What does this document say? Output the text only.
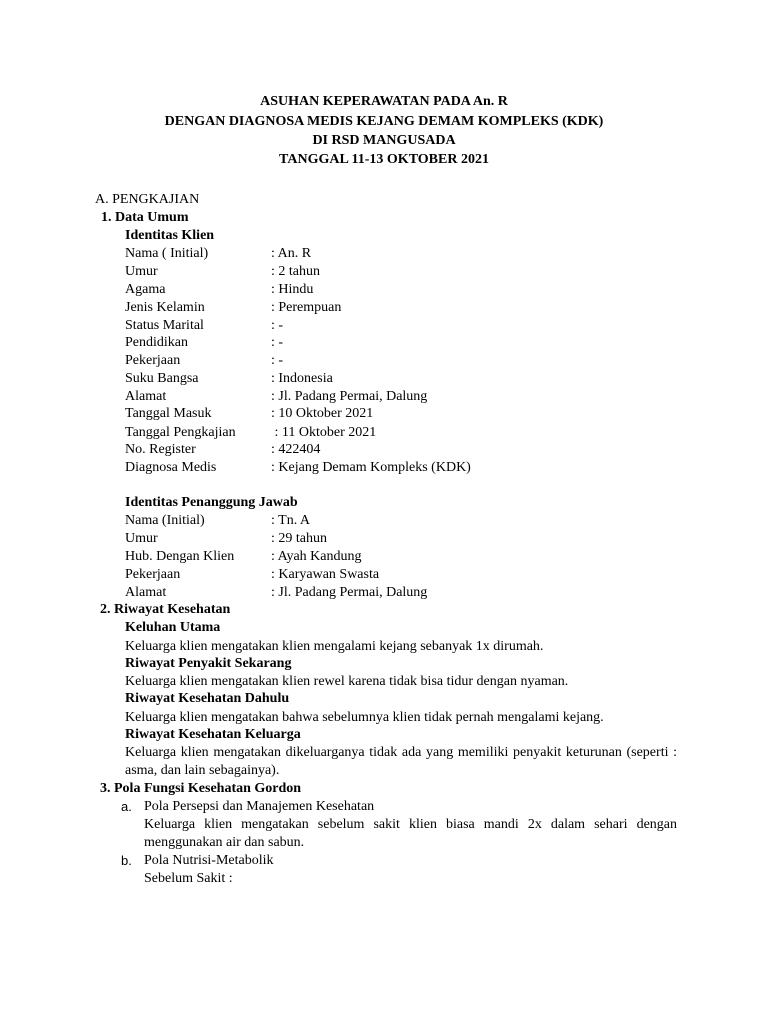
ASUHAN KEPERAWATAN PADA An. R
DENGAN DIAGNOSA MEDIS KEJANG DEMAM KOMPLEKS (KDK)
DI RSD MANGUSADA
TANGGAL 11-13 OKTOBER 2021
A. PENGKAJIAN
1. Data Umum
Identitas Klien
Nama ( Initial)	: An. R
Umur	: 2 tahun
Agama	: Hindu
Jenis Kelamin	: Perempuan
Status Marital	: -
Pendidikan	: -
Pekerjaan	: -
Suku Bangsa	: Indonesia
Alamat	: Jl. Padang Permai, Dalung
Tanggal Masuk	: 10 Oktober 2021
Tanggal Pengkajian	: 11 Oktober 2021
No. Register	: 422404
Diagnosa Medis	: Kejang Demam Kompleks (KDK)
Identitas Penanggung Jawab
Nama (Initial)	: Tn. A
Umur	: 29 tahun
Hub. Dengan Klien	: Ayah Kandung
Pekerjaan	: Karyawan Swasta
Alamat	: Jl. Padang Permai, Dalung
2. Riwayat Kesehatan
Keluhan Utama
Keluarga klien mengatakan klien mengalami kejang sebanyak 1x dirumah.
Riwayat Penyakit Sekarang
Keluarga klien mengatakan klien rewel karena tidak bisa tidur dengan nyaman.
Riwayat Kesehatan Dahulu
Keluarga klien mengatakan bahwa sebelumnya klien tidak pernah mengalami kejang.
Riwayat Kesehatan Keluarga
Keluarga klien mengatakan dikeluarganya tidak ada yang memiliki penyakit keturunan (seperti : asma, dan lain sebagainya).
3. Pola Fungsi Kesehatan Gordon
a. Pola Persepsi dan Manajemen Kesehatan
Keluarga klien mengatakan sebelum sakit klien biasa mandi 2x dalam sehari dengan menggunakan air dan sabun.
b. Pola Nutrisi-Metabolik
Sebelum Sakit :
